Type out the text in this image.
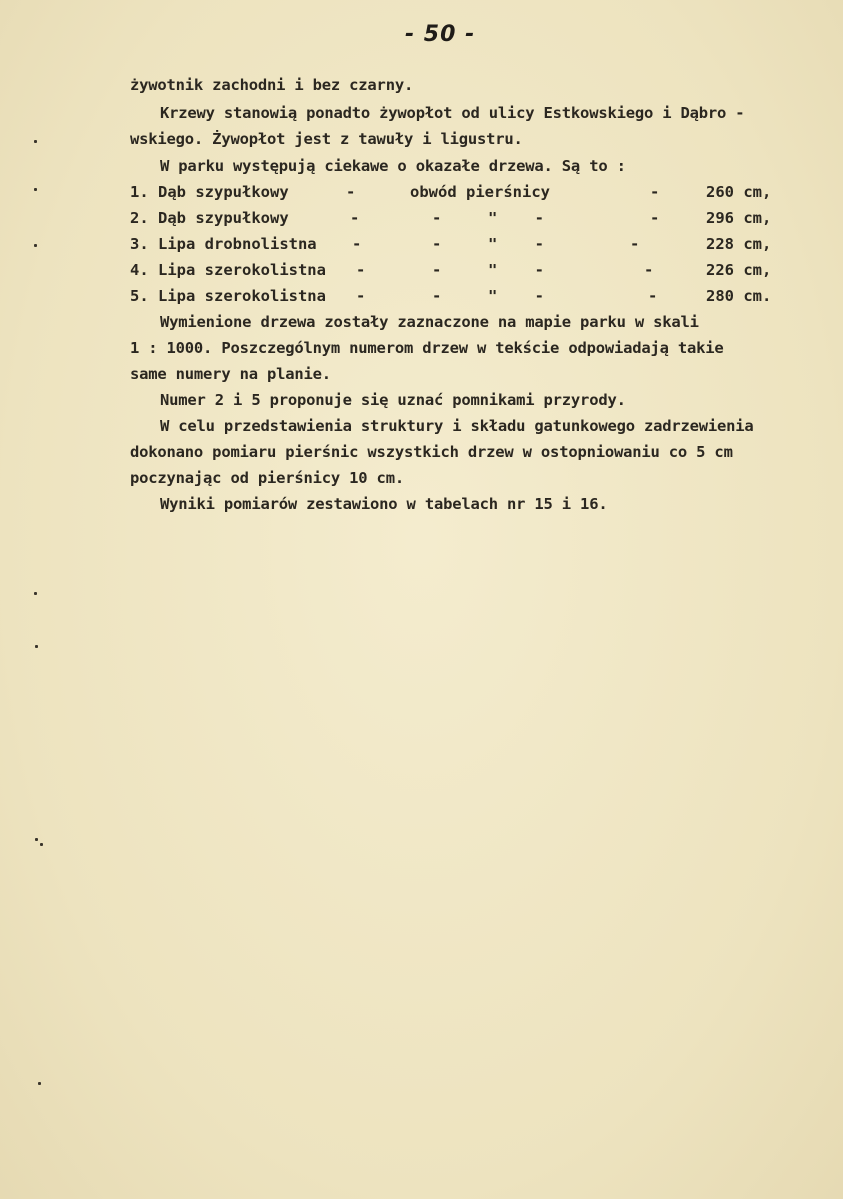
- 50 -
żywotnik zachodni i bez czarny.
Krzewy stanowią ponadto żywopłot od ulicy Estkowskiego i Dąbro -
wskiego. Żywopłot jest z tawuły i ligustru.
W parku występują ciekawe o okazałe drzewa. Są to :
1. Dąb szypułkowy	-	obwód pierśnicy	-	260 cm,
2. Dąb szypułkowy	-	-     "    -	-	296 cm,
3. Lipa drobnolistna -	-     "    -	-	228 cm,
4. Lipa szerokolistna -	-     "    -	-	226 cm,
5. Lipa szerokolistna -	-     "    -	-	280 cm.
Wymienione drzewa zostały zaznaczone na mapie parku w skali
1 : 1000. Poszczególnym numerom drzew w tekście odpowiadają takie
same numery na planie.
Numer 2 i 5 proponuje się uznać pomnikami przyrody.
W celu przedstawienia struktury i składu gatunkowego zadrzewienia
dokonano pomiaru pierśnic wszystkich drzew w ostopniowaniu co 5 cm
poczynając od pierśnicy 10 cm.
Wyniki pomiarów zestawiono w tabelach nr 15 i 16.
